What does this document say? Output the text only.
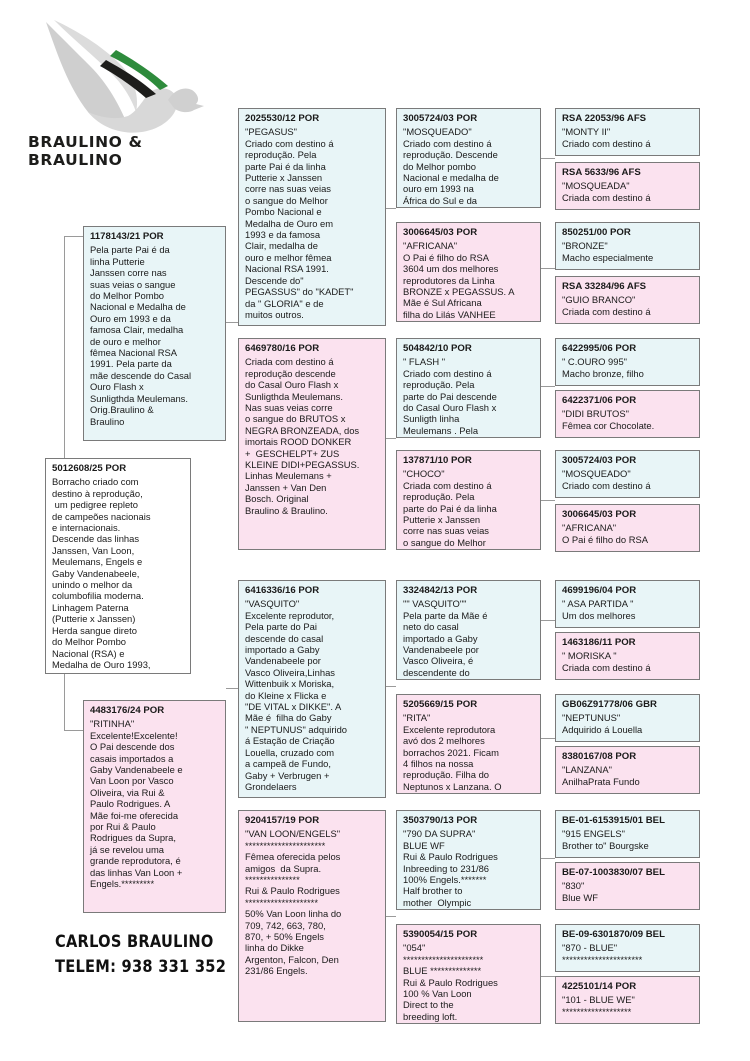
BRAULINO & BRAULINO
5012608/25 POR
Borracho criado com
destino à reprodução,
um pedigree repleto
de campeões nacionais
e internacionais.
Descende das linhas
Janssen, Van Loon,
Meulemans, Engels e
Gaby Vandenabeele,
unindo o melhor da
columbofilia moderna.
Linhagem Paterna
(Putterie x Janssen)
Herda sangue direto
do Melhor Pombo
Nacional (RSA) e
Medalha de Ouro 1993,
1178143/21 POR
Pela parte Pai é da
linha Putterie
Janssen corre nas
suas veias o sangue
do Melhor Pombo
Nacional e Medalha de
Ouro em 1993 e da
famosa Clair, medalha
de ouro e melhor
fêmea Nacional RSA
1991. Pela parte da
mãe descende do Casal
Ouro Flash x
Sunligthda Meulemans.
Orig.Braulino &
Braulino
4483176/24 POR
"RITINHA"
Excelente!Excelente!
O Pai descende dos
casais importados a
Gaby Vandenabeele e
Van Loon por Vasco
Oliveira, via Rui &
Paulo Rodrigues. A
Mãe foi-me oferecida
por Rui & Paulo
Rodrigues da Supra,
já se revelou uma
grande reprodutora, é
das linhas Van Loon +
Engels.*********
2025530/12 POR
"PEGASUS"
Criado com destino á
reprodução. Pela
parte Pai é da linha
Putterie x Janssen
corre nas suas veias
o sangue do Melhor
Pombo Nacional e
Medalha de Ouro em
1993 e da famosa
Clair, medalha de
ouro e melhor fêmea
Nacional RSA 1991.
Descende do"
PEGASSUS" do "KADET"
da " GLORIA" e de
muitos outros.
6469780/16 POR
Criada com destino á
reprodução descende
do Casal Ouro Flash x
Sunligthda Meulemans.
Nas suas veias corre
o sangue do BRUTOS x
NEGRA BRONZEADA, dos
imortais ROOD DONKER
+  GESCHELPT+ ZUS
KLEINE DIDI+PEGASSUS.
Linhas Meulemans +
Janssen + Van Den
Bosch. Original
Braulino & Braulino.
6416336/16 POR
"VASQUITO"
Excelente reprodutor,
Pela parte do Pai
descende do casal
importado a Gaby
Vandenabeele por
Vasco Oliveira,Linhas
Wittenbuik x Moriska,
do Kleine x Flicka e
"DE VITAL x DIKKE". A
Mãe é  filha do Gaby
" NEPTUNUS" adquirido
á Estação de Criação
Louella, cruzado com
a campeã de Fundo,
Gaby + Verbrugen +
Grondelaers
9204157/19 POR
"VAN LOON/ENGELS"
**********************
Fêmea oferecida pelos
amigos  da Supra.
***************
Rui & Paulo Rodrigues
********************
50% Van Loon linha do
709, 742, 663, 780,
870, + 50% Engels
linha do Dikke
Argenton, Falcon, Den
231/86 Engels.
3005724/03 POR
"MOSQUEADO"
Criado com destino á
reprodução. Descende
do Melhor pombo
Nacional e medalha de
ouro em 1993 na
África do Sul e da
3006645/03 POR
"AFRICANA"
O Pai é filho do RSA
3604 um dos melhores
reprodutores da Linha
BRONZE x PEGASSUS. A
Mãe é Sul Africana
filha do Lilás VANHEE
504842/10 POR
" FLASH "
Criado com destino á
reprodução. Pela
parte do Pai descende
do Casal Ouro Flash x
Sunligth linha
Meulemans . Pela
137871/10 POR
"CHOCO"
Criada com destino á
reprodução. Pela
parte do Pai é da linha
Putterie x Janssen
corre nas suas veias
o sangue do Melhor
3324842/13 POR
"" VASQUITO""
Pela parte da Mãe é
neto do casal
importado a Gaby
Vandenabeele por
Vasco Oliveira, é
descendente do
5205669/15 POR
"RITA"
Excelente reprodutora
avó dos 2 melhores
borrachos 2021. Ficam
4 filhos na nossa
reprodução. Filha do
Neptunos x Lanzana. O
3503790/13 POR
"790 DA SUPRA"
BLUE WF
Rui & Paulo Rodrigues
Inbreeding to 231/86
100% Engels.*******
Half brother to
mother  Olympic
5390054/15 POR
"054"
**********************
BLUE **************
Rui & Paulo Rodrigues
100 % Van Loon
Direct to the
breeding loft.
RSA 22053/96 AFS
"MONTY II"
Criado com destino á
RSA 5633/96 AFS
"MOSQUEADA"
Criada com destino á
850251/00 POR
"BRONZE"
Macho especialmente
RSA 33284/96 AFS
"GUIO BRANCO"
Criada com destino á
6422995/06 POR
" C.OURO 995"
Macho bronze, filho
6422371/06 POR
"DIDI BRUTOS"
Fêmea cor Chocolate.
3005724/03 POR
"MOSQUEADO"
Criado com destino á
3006645/03 POR
"AFRICANA"
O Pai é filho do RSA
4699196/04 POR
" ASA PARTIDA "
Um dos melhores
1463186/11 POR
" MORISKA "
Criada com destino á
GB06Z91778/06 GBR
"NEPTUNUS"
Adquirido á Louella
8380167/08 POR
"LANZANA"
AnilhaPrata Fundo
BE-01-6153915/01 BEL
"915 ENGELS"
Brother to" Bourgske
BE-07-1003830/07 BEL
"830"
Blue WF
BE-09-6301870/09 BEL
"870 - BLUE"
**********************
4225101/14 POR
"101 - BLUE WE"
*******************
CARLOS BRAULINO
TELEM: 938 331 352
